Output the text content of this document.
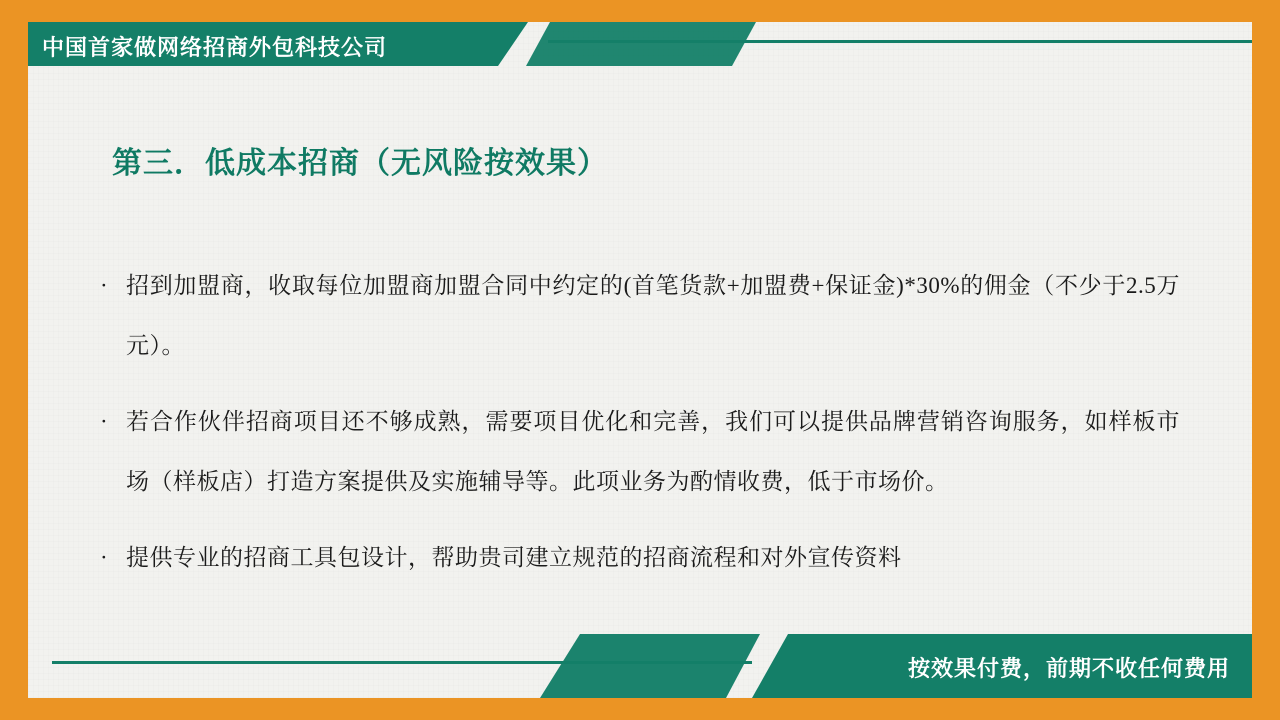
中国首家做网络招商外包科技公司
第三．低成本招商（无风险按效果）
· 招到加盟商，收取每位加盟商加盟合同中约定的(首笔货款+加盟费+保证金)*30%的佣金（不少于2.5万元）。
· 若合作伙伴招商项目还不够成熟，需要项目优化和完善，我们可以提供品牌营销咨询服务，如样板市场（样板店）打造方案提供及实施辅导等。此项业务为酌情收费，低于市场价。
· 提供专业的招商工具包设计，帮助贵司建立规范的招商流程和对外宣传资料
按效果付费，前期不收任何费用
